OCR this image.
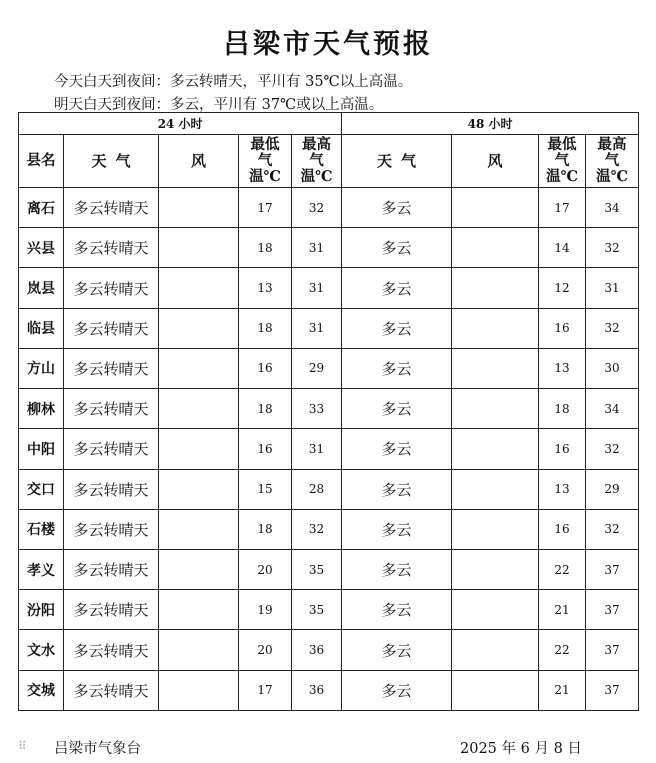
吕梁市天气预报
今天白天到夜间：多云转晴天，平川有 35℃以上高温。
明天白天到夜间：多云，平川有 37℃或以上高温。
24 小时					48 小时			
县名	天 气	风	最低
气
温℃	最高
气
温℃	天 气	风	最低
气
温℃	最高
气
温℃
离石	多云转晴天		17	32	多云		17	34
兴县	多云转晴天		18	31	多云		14	32
岚县	多云转晴天		13	31	多云		12	31
临县	多云转晴天		18	31	多云		16	32
方山	多云转晴天		16	29	多云		13	30
柳林	多云转晴天		18	33	多云		18	34
中阳	多云转晴天		16	31	多云		16	32
交口	多云转晴天		15	28	多云		13	29
石楼	多云转晴天		18	32	多云		16	32
孝义	多云转晴天		20	35	多云		22	37
汾阳	多云转晴天		19	35	多云		21	37
文水	多云转晴天		20	36	多云		22	37
交城	多云转晴天		17	36	多云		21	37
⠿ 吕梁市气象台	2025 年 6 月 8 日
